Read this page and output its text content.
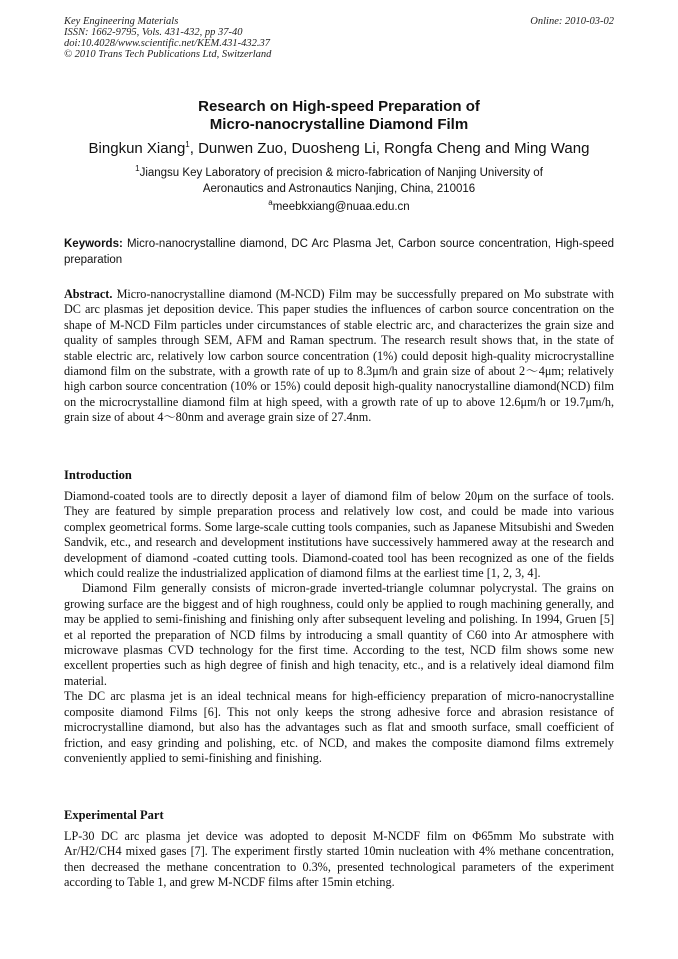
Key Engineering Materials
ISSN: 1662-9795, Vols. 431-432, pp 37-40
doi:10.4028/www.scientific.net/KEM.431-432.37
© 2010 Trans Tech Publications Ltd, Switzerland
Online: 2010-03-02
Research on High-speed Preparation of
Micro-nanocrystalline Diamond Film
Bingkun Xiang$^1$, Dunwen Zuo, Duosheng Li, Rongfa Cheng and Ming Wang
$^1$Jiangsu Key Laboratory of precision & micro-fabrication of Nanjing University of
Aeronautics and Astronautics Nanjing, China, 210016
$^a$meebkxiang@nuaa.edu.cn
Keywords: Micro-nanocrystalline diamond, DC Arc Plasma Jet, Carbon source concentration, High-speed preparation

Abstract. Micro-nanocrystalline diamond (M-NCD) Film may be successfully prepared on Mo substrate with DC arc plasmas jet deposition device. This paper studies the influences of carbon source concentration on the shape of M-NCD Film particles under circumstances of stable electric arc, and characterizes the grain size and quality of samples through SEM, AFM and Raman spectrum. The research result shows that, in the state of stable electric arc, relatively low carbon source concentration (1%) could deposit high-quality microcrystalline diamond film on the substrate, with a growth rate of up to 8.3μm/h and grain size of about 2～4μm; relatively high carbon source concentration (10% or 15%) could deposit high-quality nanocrystalline diamond(NCD) film on the microcrystalline diamond film at high speed, with a growth rate of up to above 12.6μm/h or 19.7μm/h, grain size of about 4～80nm and average grain size of 27.4nm.

Introduction

Diamond-coated tools are to directly deposit a layer of diamond film of below 20μm on the surface of tools. They are featured by simple preparation process and relatively low cost, and could be made into various complex geometrical forms. Some large-scale cutting tools companies, such as Japanese Mitsubishi and Sweden Sandvik, etc., and research and development institutions have successively hammered away at the research and development of diamond -coated cutting tools. Diamond-coated tool has been recognized as one of the fields which could realize the industrialized application of diamond films at the earliest time [1, 2, 3, 4].

Diamond Film generally consists of micron-grade inverted-triangle columnar polycrystal. The grains on growing surface are the biggest and of high roughness, could only be applied to rough machining generally, and may be applied to semi-finishing and finishing only after subsequent leveling and polishing. In 1994, Gruen [5] et al reported the preparation of NCD films by introducing a small quantity of C60 into Ar atmosphere with microwave plasmas CVD technology for the first time. According to the test, NCD film shows some new excellent properties such as high degree of finish and high tenacity, etc., and is a relatively ideal diamond film material.

The DC arc plasma jet is an ideal technical means for high-efficiency preparation of micro-nanocrystalline composite diamond Films [6]. This not only keeps the strong adhesive force and abrasion resistance of microcrystalline diamond, but also has the advantages such as flat and smooth surface, small coefficient of friction, and easy grinding and polishing, etc. of NCD, and makes the composite diamond films extremely conveniently applied to semi-finishing and finishing.

Experimental Part

LP-30 DC arc plasma jet device was adopted to deposit M-NCDF film on Φ65mm Mo substrate with Ar/H2/CH4 mixed gases [7]. The experiment firstly started 10min nucleation with 4% methane concentration, then decreased the methane concentration to 0.3%, presented technological parameters of the experiment according to Table 1, and grew M-NCDF films after 15min etching.
